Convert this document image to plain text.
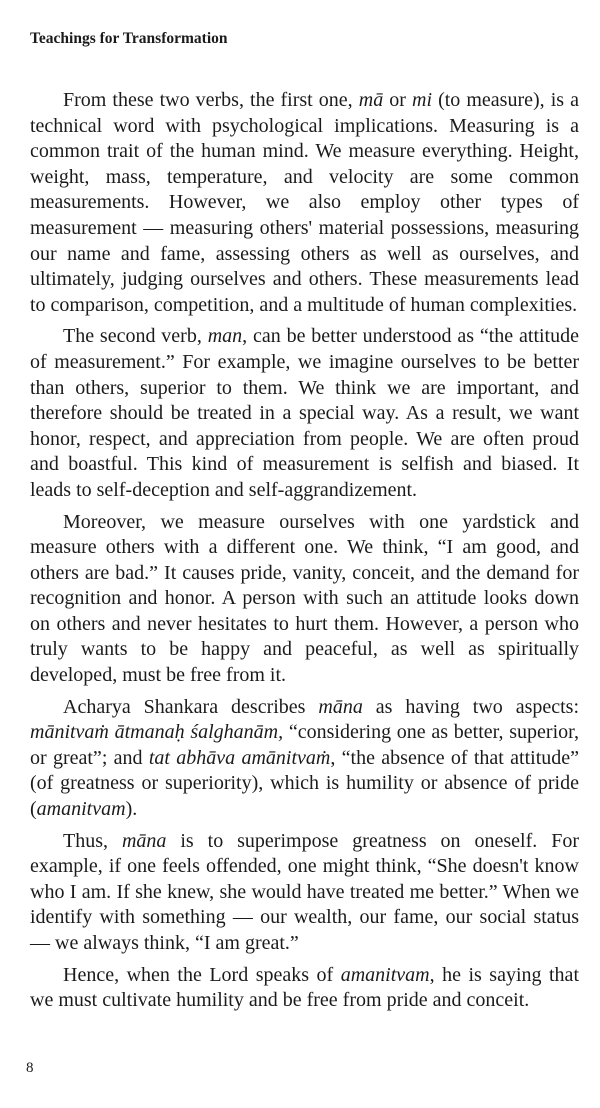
Teachings for Transformation

From these two verbs, the first one, mā or mi (to measure), is a technical word with psychological implications. Measuring is a common trait of the human mind. We measure everything. Height, weight, mass, temperature, and velocity are some common measurements. However, we also employ other types of measurement — measuring others' material possessions, measuring our name and fame, assessing others as well as ourselves, and ultimately, judging ourselves and others. These measurements lead to comparison, competition, and a multitude of human complexities.

The second verb, man, can be better understood as “the attitude of measurement.” For example, we imagine ourselves to be better than others, superior to them. We think we are important, and therefore should be treated in a special way. As a result, we want honor, respect, and appreciation from people. We are often proud and boastful. This kind of measurement is selfish and biased. It leads to self-deception and self-aggrandizement.

Moreover, we measure ourselves with one yardstick and measure others with a different one. We think, “I am good, and others are bad.” It causes pride, vanity, conceit, and the demand for recognition and honor. A person with such an attitude looks down on others and never hesitates to hurt them. However, a person who truly wants to be happy and peaceful, as well as spiritually developed, must be free from it.

Acharya Shankara describes māna as having two aspects: mānitvaṁ ātmanaḥ śalghanām, “considering one as better, superior, or great”; and tat abhāva amānitvaṁ, “the absence of that attitude” (of greatness or superiority), which is humility or absence of pride (amanitvam).

Thus, māna is to superimpose greatness on oneself. For example, if one feels offended, one might think, “She doesn't know who I am. If she knew, she would have treated me better.” When we identify with something — our wealth, our fame, our social status — we always think, “I am great.”

Hence, when the Lord speaks of amanitvam, he is saying that we must cultivate humility and be free from pride and conceit.

8
